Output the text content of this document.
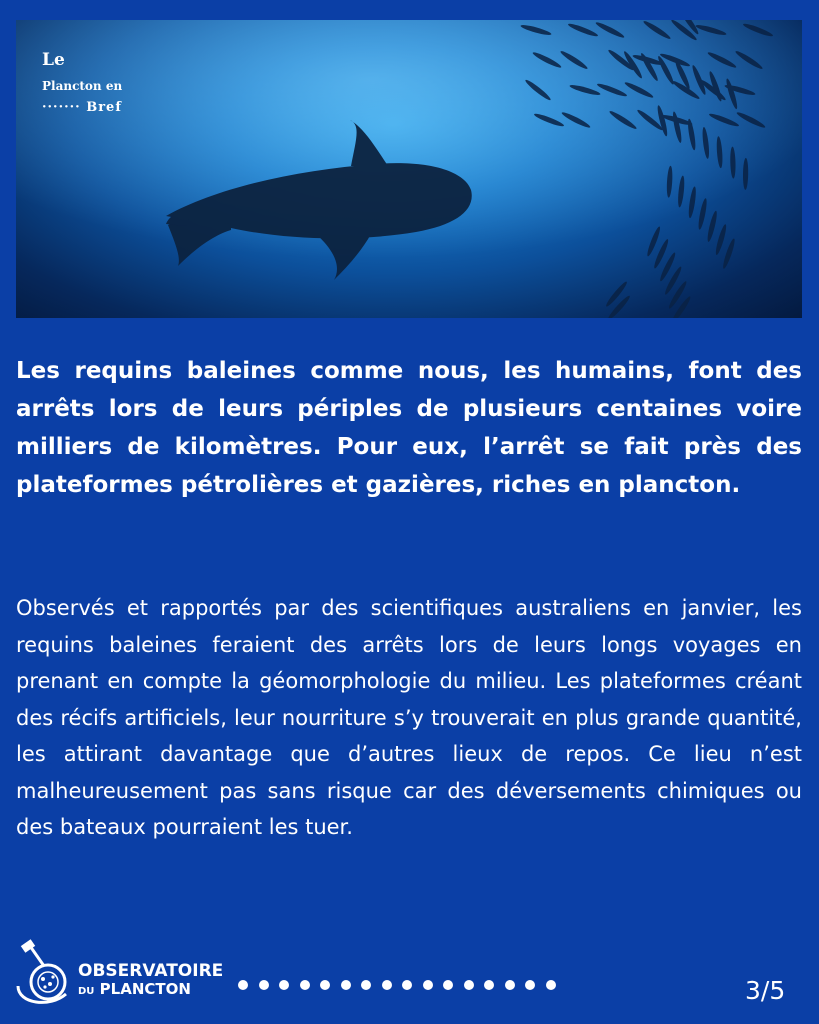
Le
Plancton en
······· Bref

Les requins baleines comme nous, les humains, font des arrêts lors de leurs périples de plusieurs centaines voire milliers de kilomètres. Pour eux, l’arrêt se fait près des plateformes pétrolières et gazières, riches en plancton.

Observés et rapportés par des scientifiques australiens en janvier, les requins baleines feraient des arrêts lors de leurs longs voyages en prenant en compte la géomorphologie du milieu. Les plateformes créant des récifs artificiels, leur nourriture s’y trouverait en plus grande quantité, les attirant davantage que d’autres lieux de repos. Ce lieu n’est malheureusement pas sans risque car des déversements chimiques ou des bateaux pourraient les tuer.

OBSERVATOIRE
DU PLANCTON	3/5
